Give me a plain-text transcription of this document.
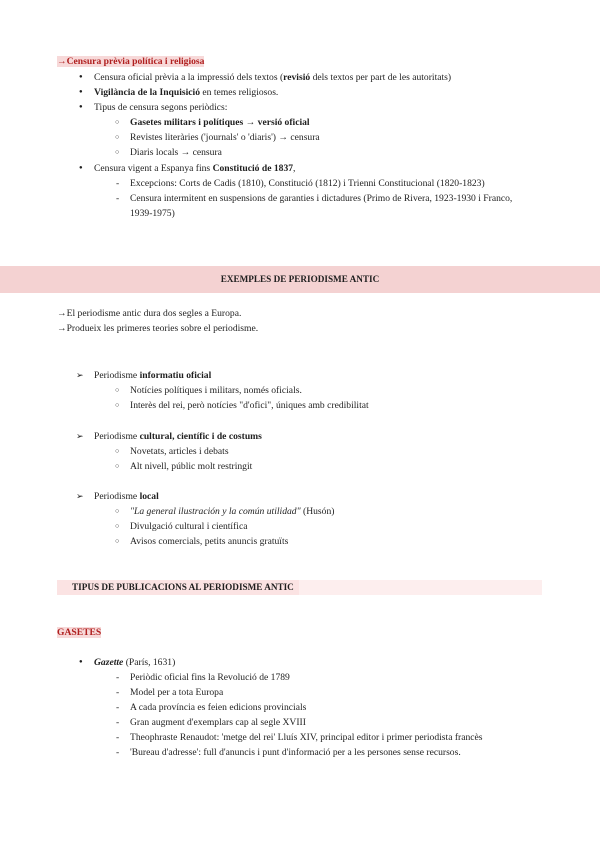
→Censura prèvia política i religiosa
● Censura oficial prèvia a la impressió dels textos (revisió dels textos per part de les autoritats)
● Vigilància de la Inquisició en temes religiosos.
● Tipus de censura segons periòdics:
○ Gasetes militars i polítiques → versió oficial
○ Revistes literàries ('journals' o 'diaris') → censura
○ Diaris locals → censura
● Censura vigent a Espanya fins Constitució de 1837,
- Excepcions: Corts de Cadis (1810), Constitució (1812) i Trienni Constitucional (1820-1823)
- Censura intermitent en suspensions de garanties i dictadures (Primo de Rivera, 1923-1930 i Franco,
1939-1975)
EXEMPLES DE PERIODISME ANTIC
→El periodisme antic dura dos segles a Europa.
→Produeix les primeres teories sobre el periodisme.
➢ Periodisme informatiu oficial
○ Notícies polítiques i militars, només oficials.
○ Interès del rei, però notícies "d'ofici", úniques amb credibilitat
➢ Periodisme cultural, científic i de costums
○ Novetats, articles i debats
○ Alt nivell, públic molt restringit
➢ Periodisme local
○ "La general ilustración y la común utilidad" (Husón)
○ Divulgació cultural i científica
○ Avisos comercials, petits anuncis gratuïts
TIPUS DE PUBLICACIONS AL PERIODISME ANTIC
GASETES
● Gazette (París, 1631)
- Periòdic oficial fins la Revolució de 1789
- Model per a tota Europa
- A cada província es feien edicions provincials
- Gran augment d'exemplars cap al segle XVIII
- Theophraste Renaudot: 'metge del rei' Lluís XIV, principal editor i primer periodista francès
- 'Bureau d'adresse': full d'anuncis i punt d'informació per a les persones sense recursos.
